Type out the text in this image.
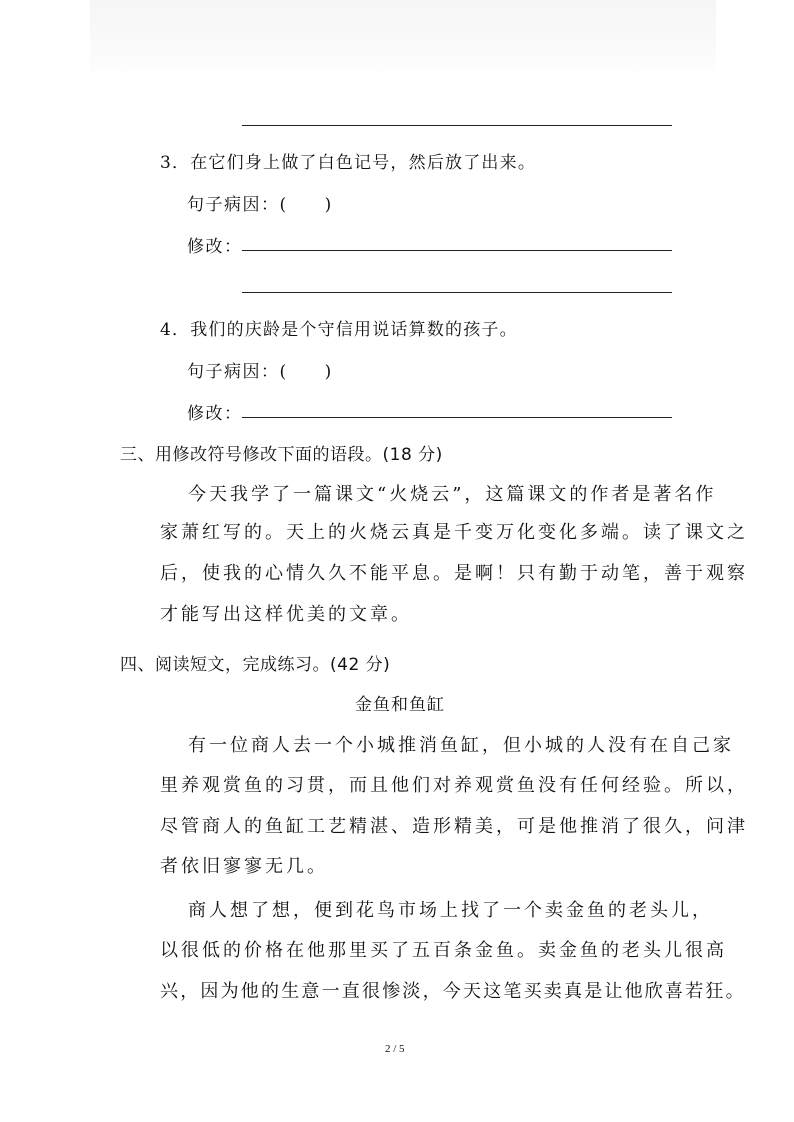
3．在它们身上做了白色记号，然后放了出来。
句子病因：(　　)
修改：
4．我们的庆龄是个守信用说话算数的孩子。
句子病因：(　　)
修改：
三、用修改符号修改下面的语段。(18 分)
今天我学了一篇课文“火烧云”，这篇课文的作者是著名作
家萧红写的。天上的火烧云真是千变万化变化多端。读了课文之
后，使我的心情久久不能平息。是啊！只有勤于动笔，善于观察
才能写出这样优美的文章。
四、阅读短文，完成练习。(42 分)
金鱼和鱼缸
有一位商人去一个小城推消鱼缸，但小城的人没有在自己家
里养观赏鱼的习贯，而且他们对养观赏鱼没有任何经验。所以，
尽管商人的鱼缸工艺精湛、造形精美，可是他推消了很久，问津
者依旧寥寥无几。
商人想了想，便到花鸟市场上找了一个卖金鱼的老头儿，
以很低的价格在他那里买了五百条金鱼。卖金鱼的老头儿很高
兴，因为他的生意一直很惨淡，今天这笔买卖真是让他欣喜若狂。
2 / 5
